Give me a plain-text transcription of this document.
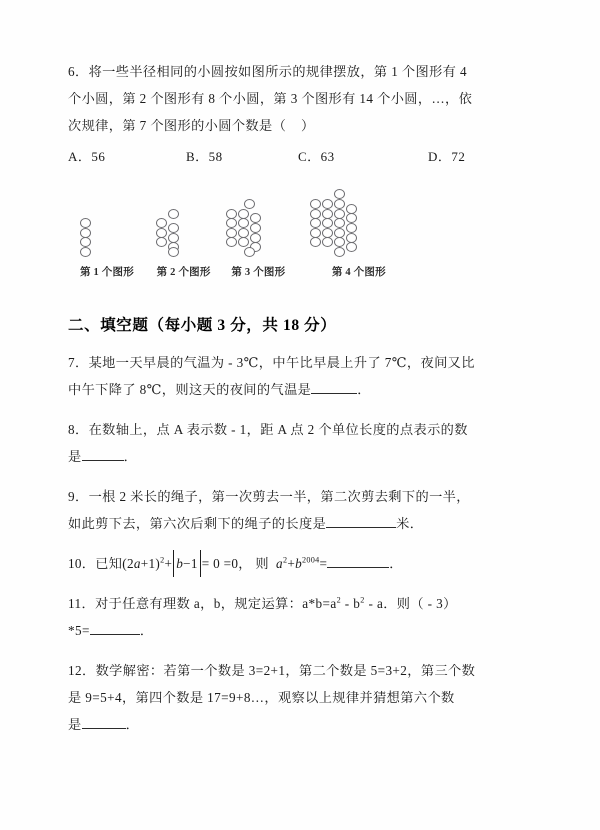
6．将一些半径相同的小圆按如图所示的规律摆放，第 1 个图形有 4
个小圆，第 2 个图形有 8 个小圆，第 3 个图形有 14 个小圆，…，依
次规律，第 7 个图形的小圆个数是（    ）
A．56	B．58	C．63	D．72
第 1 个图形	第 2 个图形	第 3 个图形	第 4 个图形
二、填空题（每小题 3 分，共 18 分）
7．某地一天早晨的气温为 - 3℃，中午比早晨上升了 7℃，夜间又比
中午下降了 8℃，则这天的夜间的气温是	．
8．在数轴上，点 A 表示数 - 1，距 A 点 2 个单位长度的点表示的数
是	．
9．一根 2 米长的绳子，第一次剪去一半，第二次剪去剩下的一半，
如此剪下去，第六次后剩下的绳子的长度是	米．
10．已知$(2a+1)^2+ b-1 = 0 =0$， 则 $a^2+b^{2004}=$	．
11．对于任意有理数 a，b，规定运算：$a*b=a^2 - b^2 - a$．则（ - 3）
*5=	．
12．数学解密：若第一个数是 3=2+1，第二个数是 5=3+2，第三个数
是 9=5+4，第四个数是 17=9+8…，观察以上规律并猜想第六个数
是	．
